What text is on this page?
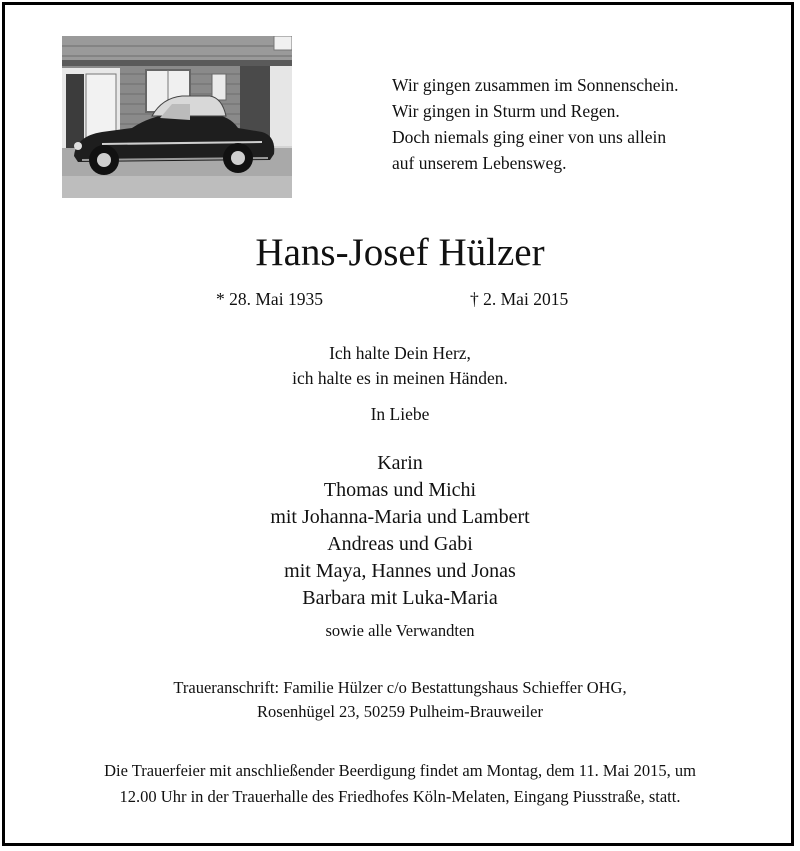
Wir gingen zusammen im Sonnenschein.
Wir gingen in Sturm und Regen.
Doch niemals ging einer von uns allein
auf unserem Lebensweg.
Hans-Josef Hülzer
* 28. Mai 1935	† 2. Mai 2015
Ich halte Dein Herz,
ich halte es in meinen Händen.
In Liebe
Karin
Thomas und Michi
mit Johanna-Maria und Lambert
Andreas und Gabi
mit Maya, Hannes und Jonas
Barbara mit Luka-Maria
sowie alle Verwandten
Traueranschrift: Familie Hülzer c/o Bestattungshaus Schieffer OHG,
Rosenhügel 23, 50259 Pulheim-Brauweiler
Die Trauerfeier mit anschließender Beerdigung findet am Montag, dem 11. Mai 2015, um
12.00 Uhr in der Trauerhalle des Friedhofes Köln-Melaten, Eingang Piusstraße, statt.
